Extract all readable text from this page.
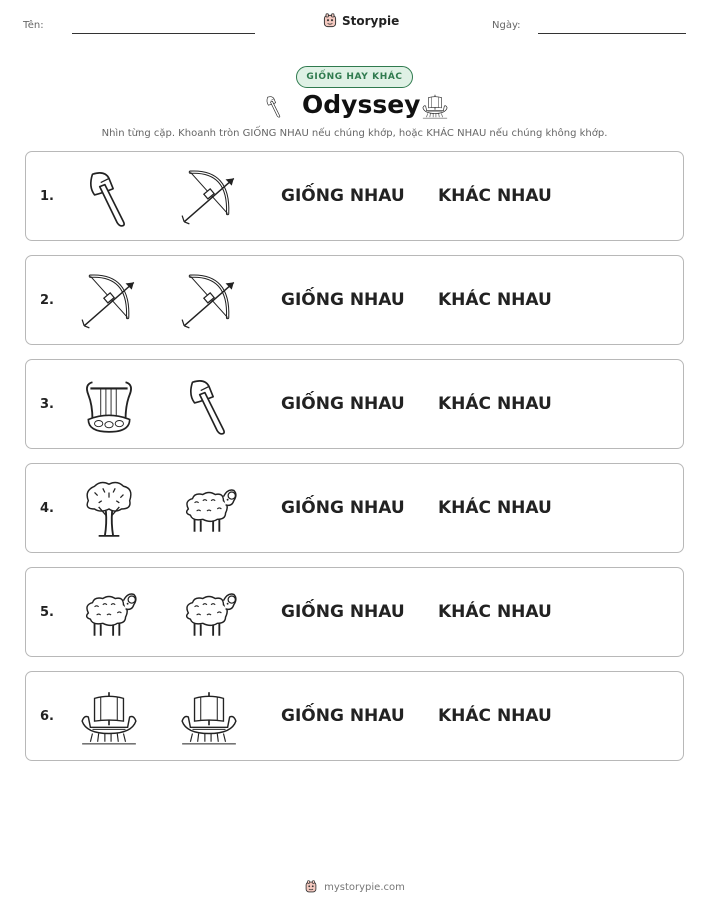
Tên:	Storypie	Ngày:
GIỐNG HAY KHÁC
Odyssey
Nhìn từng cặp. Khoanh tròn GIỐNG NHAU nếu chúng khớp, hoặc KHÁC NHAU nếu chúng không khớp.
1.	GIỐNG NHAU KHÁC NHAU
2.	GIỐNG NHAU KHÁC NHAU
3.	GIỐNG NHAU KHÁC NHAU
4.	GIỐNG NHAU KHÁC NHAU
5.	GIỐNG NHAU KHÁC NHAU
6.	GIỐNG NHAU KHÁC NHAU
mystorypie.com
